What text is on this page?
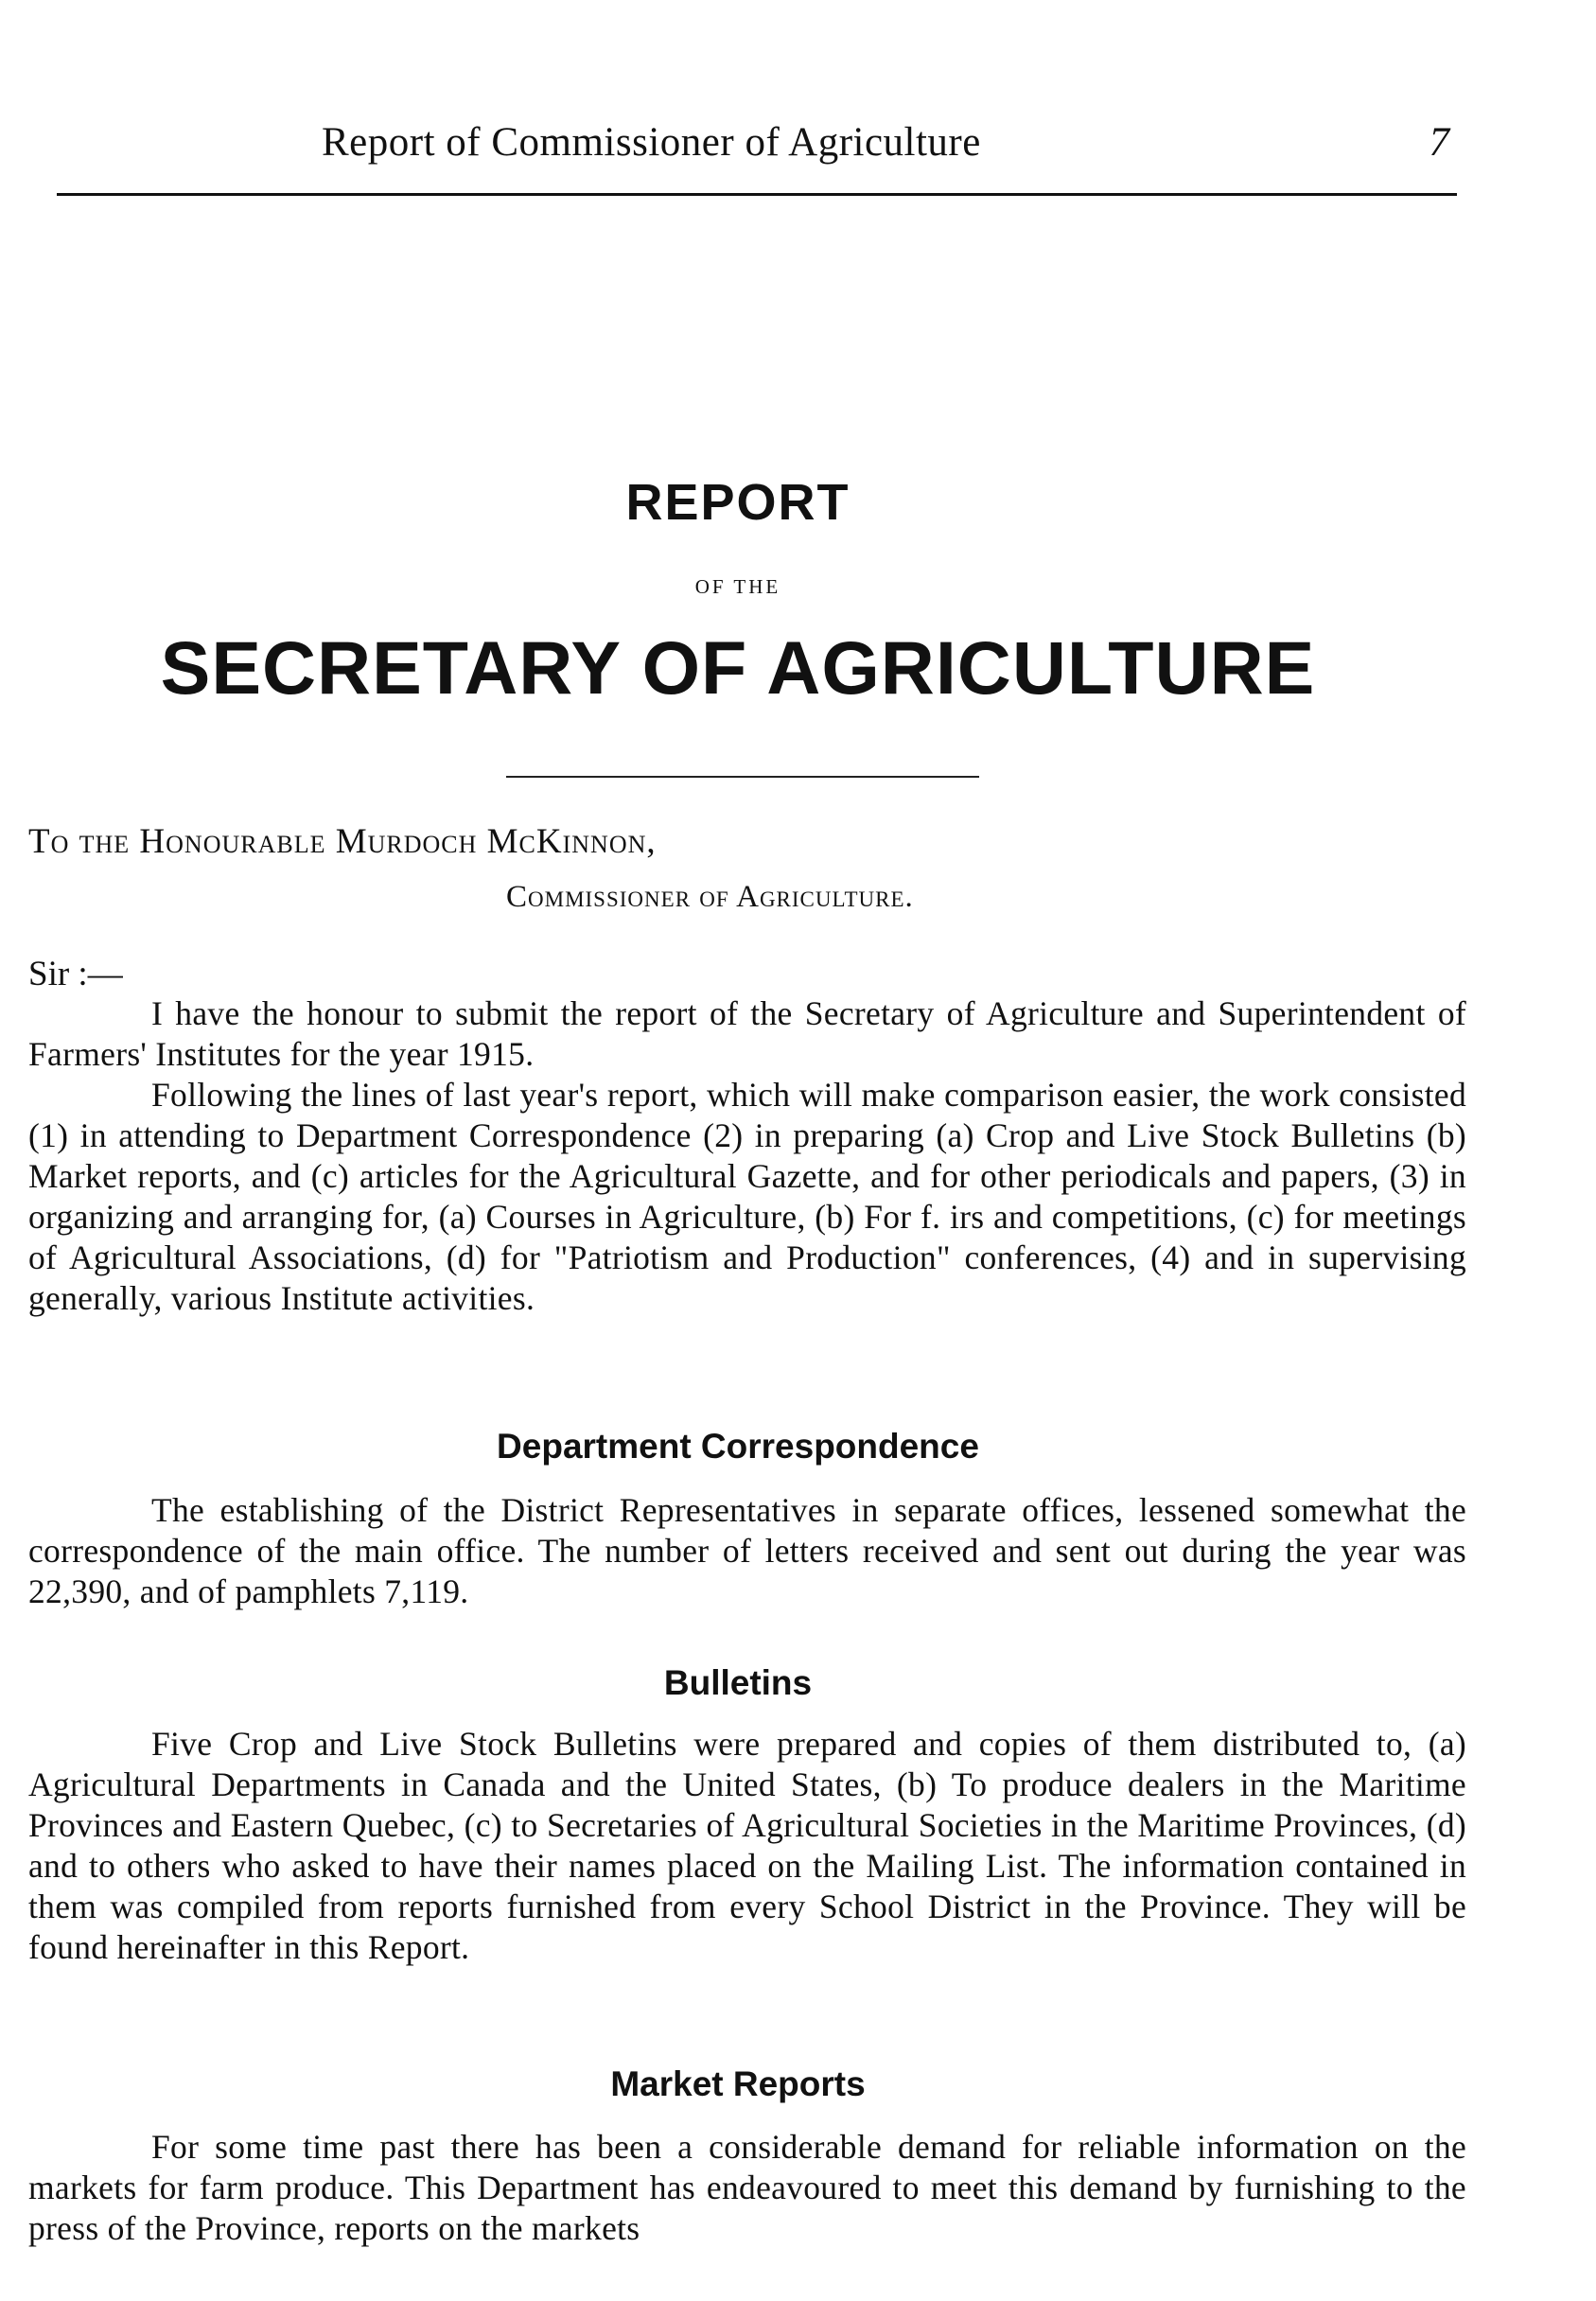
Report of Commissioner of Agriculture	7
REPORT
OF THE
SECRETARY OF AGRICULTURE
To the Honourable Murdoch McKinnon,
Commissioner of Agriculture.
Sir :—

I have the honour to submit the report of the Secretary of Agriculture and Superintendent of Farmers' Institutes for the year 1915.

Following the lines of last year's report, which will make comparison easier, the work consisted (1) in attending to Department Correspondence (2) in preparing (a) Crop and Live Stock Bulletins (b) Market reports, and (c) articles for the Agricultural Gazette, and for other periodicals and papers, (3) in organizing and arranging for, (a) Courses in Agriculture, (b) For f. irs and competitions, (c) for meetings of Agricultural Associations, (d) for "Patriotism and Production" conferences, (4) and in supervising generally, various Institute activities.

Department Correspondence

The establishing of the District Representatives in separate offices, lessened somewhat the correspondence of the main office. The number of letters received and sent out during the year was 22,390, and of pamphlets 7,119.

Bulletins

Five Crop and Live Stock Bulletins were prepared and copies of them distributed to, (a) Agricultural Departments in Canada and the United States, (b) To produce dealers in the Maritime Provinces and Eastern Quebec, (c) to Secretaries of Agricultural Societies in the Maritime Provinces, (d) and to others who asked to have their names placed on the Mailing List. The information contained in them was compiled from reports furnished from every School District in the Province. They will be found hereinafter in this Report.

Market Reports

For some time past there has been a considerable demand for reliable information on the markets for farm produce. This Department has endeavoured to meet this demand by furnishing to the press of the Province, reports on the markets
